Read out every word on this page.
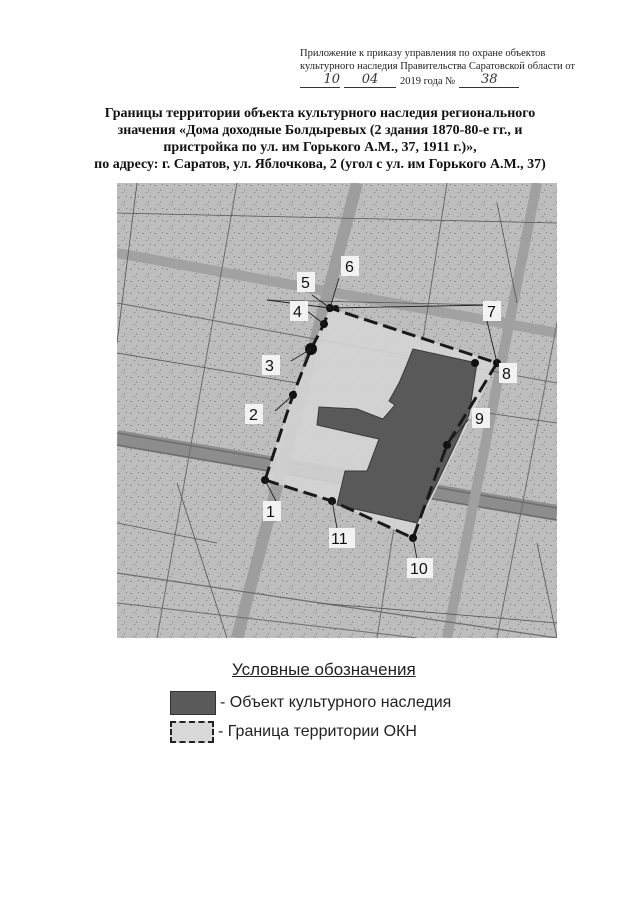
Приложение к приказу управления по охране объектов
культурного наследия Правительства Саратовской области от
10	04	2019 года №	38
Границы территории объекта культурного наследия регионального
значения «Дома доходные Болдыревых (2 здания 1870-80-е гг., и
пристройка по ул. им Горького А.М., 37, 1911 г.)»,
по адресу: г. Саратов, ул. Яблочкова, 2 (угол с ул. им Горького А.М., 37)
1
2
3
4
5
6
7
8
9
10
11
Условные обозначения
- Объект культурного наследия
- Граница территории ОКН
